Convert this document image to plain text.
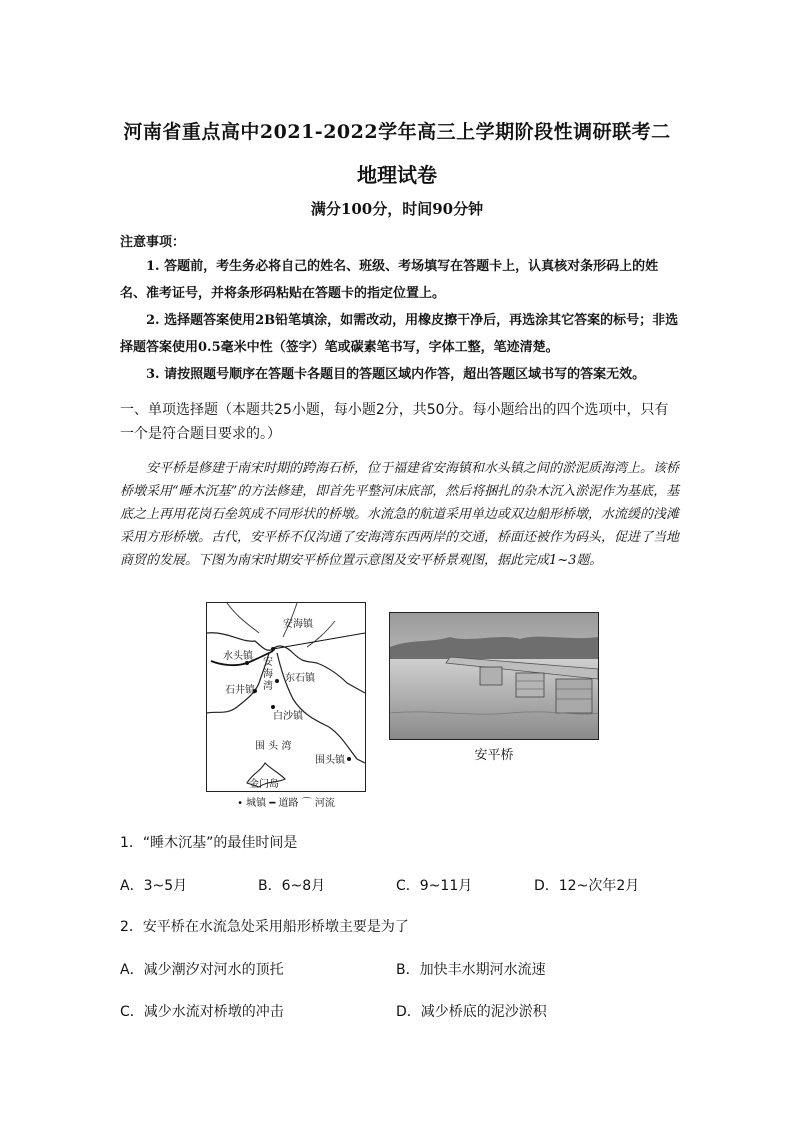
河南省重点高中2021-2022学年高三上学期阶段性调研联考二
地理试卷
满分100分，时间90分钟
注意事项：
1. 答题前，考生务必将自己的姓名、班级、考场填写在答题卡上，认真核对条形码上的姓名、准考证号，并将条形码粘贴在答题卡的指定位置上。
2. 选择题答案使用2B铅笔填涂，如需改动，用橡皮擦干净后，再选涂其它答案的标号；非选择题答案使用0.5毫米中性（签字）笔或碳素笔书写，字体工整，笔迹清楚。
3. 请按照题号顺序在答题卡各题目的答题区域内作答，超出答题区域书写的答案无效。
一、单项选择题（本题共25小题，每小题2分，共50分。每小题给出的四个选项中，只有一个是符合题目要求的。）
安平桥是修建于南宋时期的跨海石桥，位于福建省安海镇和水头镇之间的淤泥质海湾上。该桥桥墩采用“睡木沉基”的方法修建，即首先平整河床底部，然后将捆扎的杂木沉入淤泥作为基底，基底之上再用花岗石垒筑成不同形状的桥墩。水流急的航道采用单边或双边船形桥墩，水流缓的浅滩采用方形桥墩。古代，安平桥不仅沟通了安海湾东西两岸的交通，桥面还被作为码头，促进了当地商贸的发展。下图为南宋时期安平桥位置示意图及安平桥景观图，据此完成1~3题。
安海镇
水头镇
安
海
湾
东石镇
石井镇
白沙镇
围 头 湾
围头镇
金门岛
• 城镇 ━ 道路 ⌒ 河流
安平桥
1．“睡木沉基”的最佳时间是
A．3~5月	B．6~8月	C．9~11月	D．12~次年2月
2．安平桥在水流急处采用船形桥墩主要是为了
A．减少潮汐对河水的顶托	B．加快丰水期河水流速
C．减少水流对桥墩的冲击	D．减少桥底的泥沙淤积
